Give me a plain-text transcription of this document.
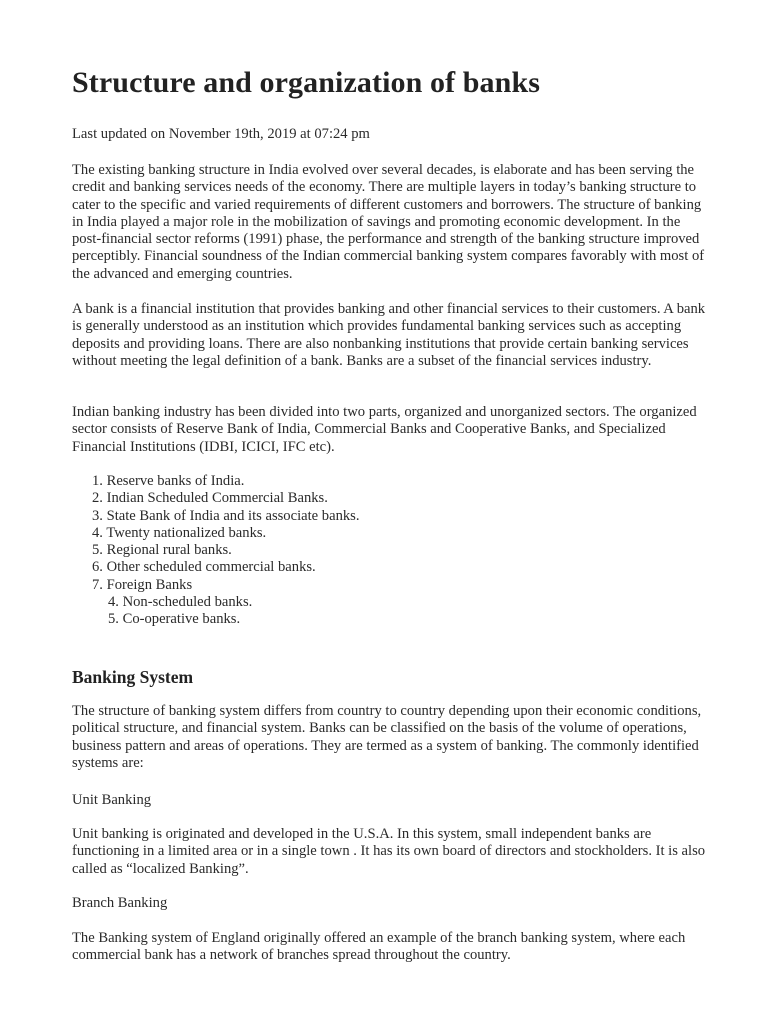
Structure and organization of banks

Last updated on November 19th, 2019 at 07:24 pm

The existing banking structure in India evolved over several decades, is elaborate and has been serving the credit and banking services needs of the economy. There are multiple layers in today’s banking structure to cater to the specific and varied requirements of different customers and borrowers. The structure of banking in India played a major role in the mobilization of savings and promoting economic development. In the post-financial sector reforms (1991) phase, the performance and strength of the banking structure improved perceptibly. Financial soundness of the Indian commercial banking system compares favorably with most of the advanced and emerging countries.

A bank is a financial institution that provides banking and other financial services to their customers. A bank is generally understood as an institution which provides fundamental banking services such as accepting deposits and providing loans. There are also nonbanking institutions that provide certain banking services without meeting the legal definition of a bank. Banks are a subset of the financial services industry.

Indian banking industry has been divided into two parts, organized and unorganized sectors. The organized sector consists of Reserve Bank of India, Commercial Banks and Cooperative Banks, and Specialized Financial Institutions (IDBI, ICICI, IFC etc).

1. Reserve banks of India.
2. Indian Scheduled Commercial Banks.
3. State Bank of India and its associate banks.
4. Twenty nationalized banks.
5. Regional rural banks.
6. Other scheduled commercial banks.
7. Foreign Banks
4. Non-scheduled banks.
5. Co-operative banks.
Banking System

The structure of banking system differs from country to country depending upon their economic conditions, political structure, and financial system. Banks can be classified on the basis of the volume of operations, business pattern and areas of operations. They are termed as a system of banking. The commonly identified systems are:

Unit Banking

Unit banking is originated and developed in the U.S.A. In this system, small independent banks are functioning in a limited area or in a single town . It has its own board of directors and stockholders. It is also called as “localized Banking”.

Branch Banking

The Banking system of England originally offered an example of the branch banking system, where each commercial bank has a network of branches spread throughout the country.
